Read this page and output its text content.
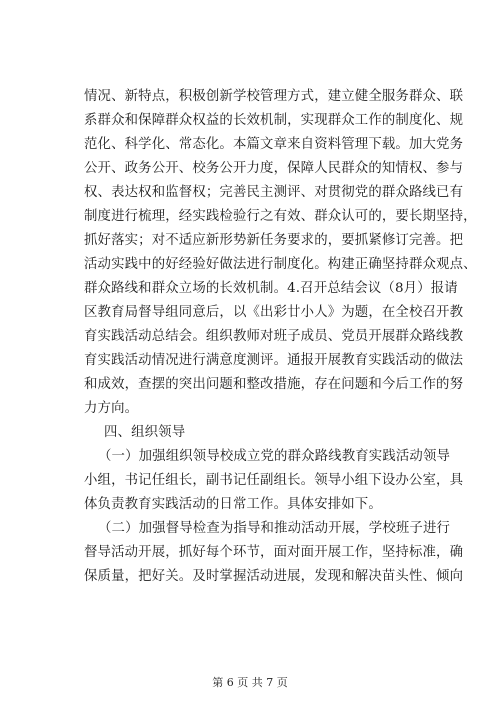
情况、新特点，积极创新学校管理方式，建立健全服务群众、联
系群众和保障群众权益的长效机制，实现群众工作的制度化、规
范化、科学化、常态化。本篇文章来自资料管理下载。加大党务
公开、政务公开、校务公开力度，保障人民群众的知情权、参与
权、表达权和监督权；完善民主测评、对贯彻党的群众路线已有
制度进行梳理，经实践检验行之有效、群众认可的，要长期坚持，
抓好落实；对不适应新形势新任务要求的，要抓紧修订完善。把
活动实践中的好经验好做法进行制度化。构建正确坚持群众观点、
群众路线和群众立场的长效机制。4.召开总结会议（8月）报请
区教育局督导组同意后，以《出彩廿小人》为题，在全校召开教
育实践活动总结会。组织教师对班子成员、党员开展群众路线教
育实践活动情况进行满意度测评。通报开展教育实践活动的做法
和成效，查摆的突出问题和整改措施，存在问题和今后工作的努
力方向。
四、组织领导
（一）加强组织领导校成立党的群众路线教育实践活动领导
小组，书记任组长，副书记任副组长。领导小组下设办公室，具
体负责教育实践活动的日常工作。具体安排如下。
（二）加强督导检查为指导和推动活动开展，学校班子进行
督导活动开展，抓好每个环节，面对面开展工作，坚持标准，确
保质量，把好关。及时掌握活动进展，发现和解决苗头性、倾向
第 6 页 共 7 页
